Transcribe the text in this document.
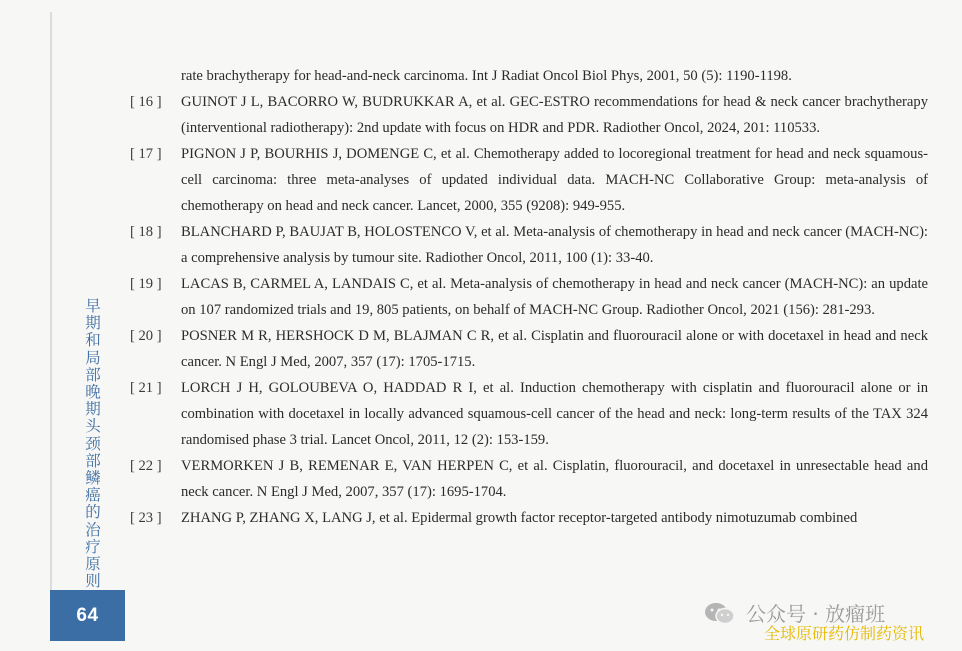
早期和局部晚期头颈部鳞癌的治疗原则
64
rate brachytherapy for head-and-neck carcinoma. Int J Radiat Oncol Biol Phys, 2001, 50 (5): 1190-1198.
[ 16 ] GUINOT J L, BACORRO W, BUDRUKKAR A, et al. GEC-ESTRO recommendations for head & neck cancer brachytherapy (interventional radiotherapy): 2nd update with focus on HDR and PDR. Radiother Oncol, 2024, 201: 110533.
[ 17 ] PIGNON J P, BOURHIS J, DOMENGE C, et al. Chemotherapy added to locoregional treatment for head and neck squamous-cell carcinoma: three meta-analyses of updated individual data. MACH-NC Collaborative Group: meta-analysis of chemotherapy on head and neck cancer. Lancet, 2000, 355 (9208): 949-955.
[ 18 ] BLANCHARD P, BAUJAT B, HOLOSTENCO V, et al. Meta-analysis of chemotherapy in head and neck cancer (MACH-NC): a comprehensive analysis by tumour site. Radiother Oncol, 2011, 100 (1): 33-40.
[ 19 ] LACAS B, CARMEL A, LANDAIS C, et al. Meta-analysis of chemotherapy in head and neck cancer (MACH-NC): an update on 107 randomized trials and 19, 805 patients, on behalf of MACH-NC Group. Radiother Oncol, 2021 (156): 281-293.
[ 20 ] POSNER M R, HERSHOCK D M, BLAJMAN C R, et al. Cisplatin and fluorouracil alone or with docetaxel in head and neck cancer. N Engl J Med, 2007, 357 (17): 1705-1715.
[ 21 ] LORCH J H, GOLOUBEVA O, HADDAD R I, et al. Induction chemotherapy with cisplatin and fluorouracil alone or in combination with docetaxel in locally advanced squamous-cell cancer of the head and neck: long-term results of the TAX 324 randomised phase 3 trial. Lancet Oncol, 2011, 12 (2): 153-159.
[ 22 ] VERMORKEN J B, REMENAR E, VAN HERPEN C, et al. Cisplatin, fluorouracil, and docetaxel in unresectable head and neck cancer. N Engl J Med, 2007, 357 (17): 1695-1704.
[ 23 ] ZHANG P, ZHANG X, LANG J, et al. Epidermal growth factor receptor-targeted antibody nimotuzumab combined
公众号 · 放瘤班
全球原研药仿制药资讯
